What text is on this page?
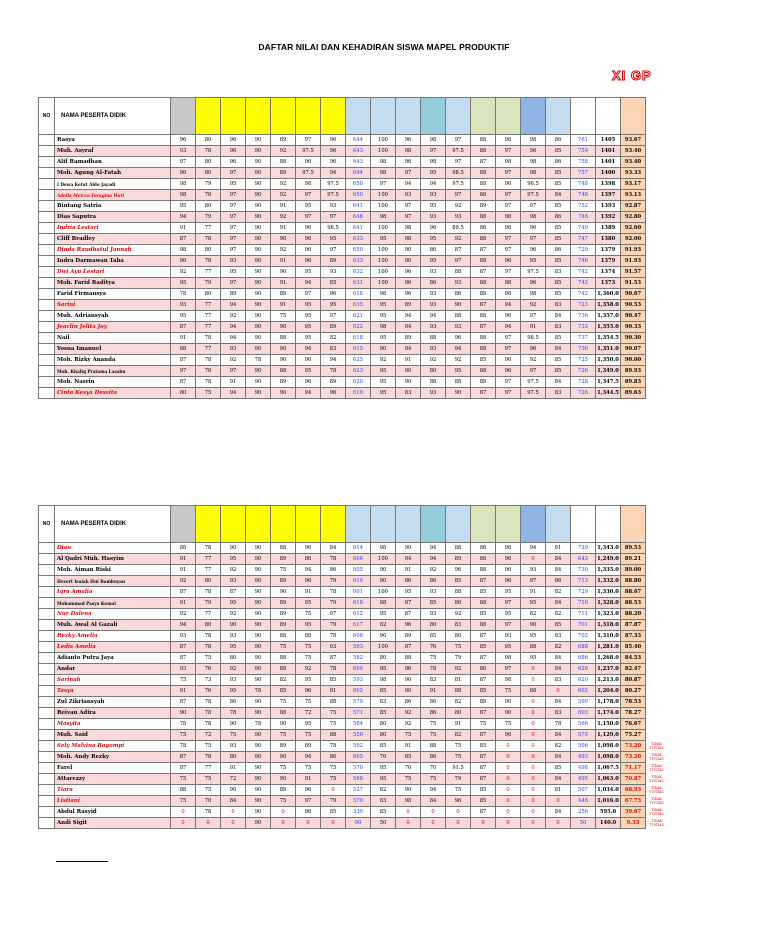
DAFTAR NILAI DAN KEHADIRAN SISWA MAPEL PRODUKTIF
XI GP
NO	NAMA PESERTA DIDIK																			
	Rasya	96	80	96	90	89	97	96	644	100	96	98	97	88	98	98	86	761	1405	93.67
	Muh. Asyraf	93	78	96	90	92	97.5	96	643	100	98	97	97.5	88	97	96	85	759	1401	93.40
	Alif Ramadhan	97	80	96	90	88	96	96	643	98	96	98	97	87	98	98	86	758	1401	93.40
	Moh. Agung Al-Fatah	96	80	97	90	89	97.5	94	644	98	97	95	98.5	88	97	98	85	757	1400	93.33
	I Dewa Ketut Aldo Jayadi	98	79	95	90	92	98	97.5	650	97	94	94	97.5	88	96	96.5	85	748	1398	93.17
	Adella Meicca Faragina Wati	98	78	97	90	92	97	97.5	650	100	93	93	97	86	97	97.5	84	748	1397	93.13
	Bintang Satria	95	80	97	90	91	95	93	641	100	97	95	92	89	97	97	85	752	1393	92.87
	Dias Saputra	94	79	97	90	92	97	97	646	98	97	93	93	88	98	98	86	746	1392	92.80
	Indria Lestari	91	77	97	90	91	96	98.5	641	100	98	96	89.5	86	98	96	85	749	1389	92.60
	Cliff Bradley	87	78	97	90	90	96	95	633	95	98	95	92	88	97	97	85	747	1380	92.00
	Dinda Raudhatul Jannah	98	80	97	90	92	96	97	650	100	90	86	87	87	97	96	86	729	1379	91.93
	Indra Darmawan Taba	96	78	93	90	91	96	89	633	100	90	95	97	88	96	95	85	746	1379	91.93
	Dwi Ayu Lestari	92	77	95	90	90	95	93	632	100	96	93	88	87	97	97.5	83	742	1374	91.57
	Moh. Farid Raditya	95	79	97	90	91	94	85	631	100	96	86	93	88	98	96	85	742	1373	91.53
	Farid Firmansya	78	80	89	90	88	97	96	618	98	96	93	86	88	98	98	85	742	1,360.0	90.67
	Sarini	93	77	94	90	91	95	95	635	95	89	93	90	87	94	92	83	723	1,358.0	90.53
	Muh. Adriansyah	95	77	92	90	75	95	97	621	95	94	94	88	88	96	97	84	736	1,357.0	90.47
	Jeaclin Jelita Joy	87	77	94	90	90	95	89	622	98	94	93	93	87	94	91	83	733	1,355.0	90.33
	Nail	91	78	94	90	88	95	82	618	95	89	88	96	88	97	98.5	85	737	1,354.5	90.30
	Yosua Imanuel	88	77	93	90	90	94	83	615	90	94	93	94	88	97	96	84	736	1,351.0	90.07
	Moh. Rizky Ananda	87	78	92	78	90	96	94	625	92	91	92	92	85	96	92	85	725	1,350.0	90.00
	Moh. Khaliq Pratama Lasabu	97	78	97	90	88	95	78	623	95	90	80	95	88	96	97	85	726	1,349.0	89.93
	Moh. Nasrin	87	78	91	90	89	96	89	620	95	90	88	88	88	97	97.5	84	728	1,347.5	89.83
	Cinta Kesya Desvita	80	75	94	90	90	94	96	619	95	83	93	90	87	97	97.5	83	726	1,344.5	89.63
NO	NAMA PESERTA DIDIK																				
	Dian	88	78	90	90	88	96	84	614	98	90	94	88	86	98	94	81	729	1,343.0	89.53	
	Al Qadri Muh. Hasyim	91	77	95	90	89	86	78	606	100	94	94	89	86	96	0	84	643	1,249.0	89.21	
	Moh. Aiman Riski	91	77	92	90	75	94	86	605	90	91	92	96	88	96	93	84	730	1,335.0	89.00	
	Hevert Isaiah Hui Bambuyan	92	80	93	90	89	96	79	619	90	86	86	85	87	96	97	86	713	1,332.0	88.80	
	Iqra Amalia	87	78	87	90	90	91	78	601	100	95	93	88	85	95	91	82	729	1,330.0	88.67	
	Mohammad Pasya Kemal	91	79	95	90	89	95	79	618	88	87	85	86	88	97	95	84	710	1,328.0	88.53	
	Nur Dalena	92	77	92	90	89	75	97	612	95	87	93	92	85	95	82	82	711	1,323.0	88.20	
	Muh. Awal Al Gazali	94	80	90	90	89	95	79	617	82	96	80	83	88	97	90	85	701	1,318.0	87.87	
	Rezky Amelia	93	78	93	90	88	88	78	608	90	89	85	80	87	93	95	83	702	1,310.0	87.33	
	Ledis Amelia	87	78	95	90	75	75	93	593	100	87	76	75	85	95	88	82	688	1,281.0	85.40	
	Adianto Putra Jaya	87	75	80	90	88	75	87	582	80	88	75	79	87	98	95	84	686	1,268.0	84.53	
	Andar	93	76	92	90	88	92	78	609	95	96	78	92	86	97	0	84	628	1,237.0	82.47	
	Sarinah	75	73	93	90	82	95	85	593	98	90	83	81	87	98	0	83	620	1,213.0	80.87	
	Tasya	91	76	95	78	85	96	81	602	85	90	91	88	85	75	88	0	602	1,204.0	80.27	
	Zul Zikriansyah	87	78	86	90	75	75	88	579	83	86	86	82	88	90	0	84	599	1,178.0	78.53	
	Reivan Adira	90	78	78	90	88	72	75	571	85	92	86	80	87	90	0	83	603	1,174.0	78.27	
	Masyita	78	78	90	78	90	95	75	584	80	92	75	91	75	75	0	78	566	1,150.0	76.67	
	Muh. Said	75	72	75	90	75	75	88	550	80	75	75	82	87	96	0	84	579	1,129.0	75.27	
	Sely Malvina Bagompi	78	75	93	90	89	89	78	592	85	91	88	75	85	0	0	82	506	1,098.0	73.20	TIDAK TUNTAS
	Moh. Andy Rezky	87	78	80	90	90	94	86	605	76	85	86	75	87	0	0	84	493	1,098.0	73.20	TIDAK TUNTAS
	Farel	87	77	91	90	75	75	75	570	95	70	70	91.5	87	0	0	85	498	1,067.5	71.17	TIDAK TUNTAS
	Attarezzy	75	75	72	90	90	91	75	568	95	75	75	79	87	0	0	84	495	1,063.0	70.87	TIDAK TUNTAS
	Tiara	88	75	90	90	88	96	0	527	82	90	94	75	85	0	0	81	507	1,034.0	68.93	TIDAK TUNTAS
	Listiani	75	70	84	90	75	97	79	570	83	98	84	96	85	0	0	0	446	1,016.0	67.73	TIDAK TUNTAS
	Abdul Rasyid	0	78	0	90	0	86	85	339	85	0	0	0	87	0	0	84	256	595.0	39.67	TIDAK TUNTAS
	Andi Sigit	0	0	0	90	0	0	0	90	50	0	0	0	0	0	0	0	50	140.0	9.33	TIDAK TUNTAS
